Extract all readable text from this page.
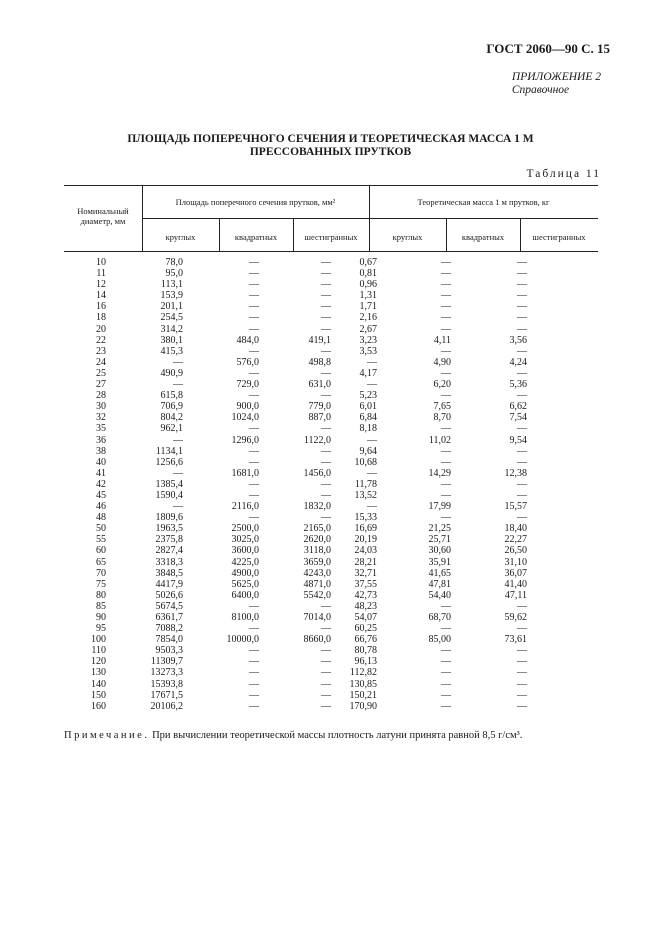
ГОСТ 2060—90 С. 15
ПРИЛОЖЕНИЕ 2
Справочное
ПЛОЩАДЬ ПОПЕРЕЧНОГО СЕЧЕНИЯ И ТЕОРЕТИЧЕСКАЯ МАССА 1 М
ПРЕССОВАННЫХ ПРУТКОВ
Таблица 11
Номинальный диаметр, мм
Площадь поперечного сечения прутков, мм²	Теоретическая масса 1 м прутков, кг
круглых	квадратных	шестигранных	круглых	квадратных	шестигранных
10	78,0	—	—	0,67	—	—
11	95,0	—	—	0,81	—	—
12	113,1	—	—	0,96	—	—
14	153,9	—	—	1,31	—	—
16	201,1	—	—	1,71	—	—
18	254,5	—	—	2,16	—	—
20	314,2	—	—	2,67	—	—
22	380,1	484,0	419,1	3,23	4,11	3,56
23	415,3	—	—	3,53	—	—
24	—	576,0	498,8	—	4,90	4,24
25	490,9	—	—	4,17	—	—
27	—	729,0	631,0	—	6,20	5,36
28	615,8	—	—	5,23	—	—
30	706,9	900,0	779,0	6,01	7,65	6,62
32	804,2	1024,0	887,0	6,84	8,70	7,54
35	962,1	—	—	8,18	—	—
36	—	1296,0	1122,0	—	11,02	9,54
38	1134,1	—	—	9,64	—	—
40	1256,6	—	—	10,68	—	—
41	—	1681,0	1456,0	—	14,29	12,38
42	1385,4	—	—	11,78	—	—
45	1590,4	—	—	13,52	—	—
46	—	2116,0	1832,0	—	17,99	15,57
48	1809,6	—	—	15,33	—	—
50	1963,5	2500,0	2165,0	16,69	21,25	18,40
55	2375,8	3025,0	2620,0	20,19	25,71	22,27
60	2827,4	3600,0	3118,0	24,03	30,60	26,50
65	3318,3	4225,0	3659,0	28,21	35,91	31,10
70	3848,5	4900,0	4243,0	32,71	41,65	36,07
75	4417,9	5625,0	4871,0	37,55	47,81	41,40
80	5026,6	6400,0	5542,0	42,73	54,40	47,11
85	5674,5	—	—	48,23	—	—
90	6361,7	8100,0	7014,0	54,07	68,70	59,62
95	7088,2	—	—	60,25	—	—
100	7854,0	10000,0	8660,0	66,76	85,00	73,61
110	9503,3	—	—	80,78	—	—
120	11309,7	—	—	96,13	—	—
130	13273,3	—	—	112,82	—	—
140	15393,8	—	—	130,85	—	—
150	17671,5	—	—	150,21	—	—
160	20106,2	—	—	170,90	—	—
Примечание. При вычислении теоретической массы плотность латуни принята равной 8,5 г/см³.
